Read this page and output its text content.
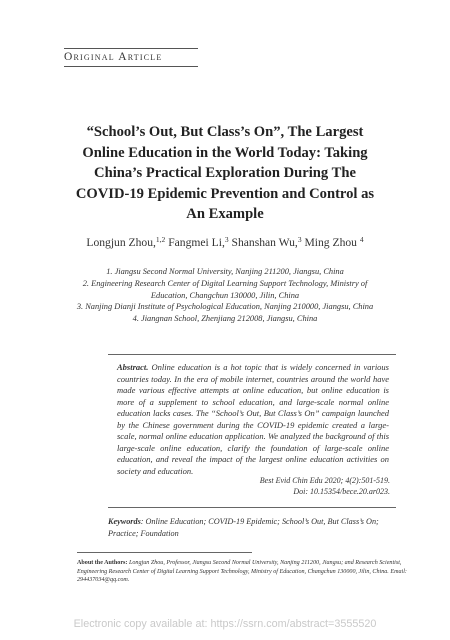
Original Article
“School’s Out, But Class’s On”, The Largest Online Education in the World Today: Taking China’s Practical Exploration During The COVID-19 Epidemic Prevention and Control as An Example
Longjun Zhou,$^{1,2}$ Fangmei Li,$^3$ Shanshan Wu,$^3$ Ming Zhou $^4$
1. Jiangsu Second Normal University, Nanjing 211200, Jiangsu, China
2. Engineering Research Center of Digital Learning Support Technology, Ministry of Education, Changchun 130000, Jilin, China
3. Nanjing Dianji Institute of Psychological Education, Nanjing 210000, Jiangsu, China
4. Jiangnan School, Zhenjiang 212008, Jiangsu, China
Abstract. Online education is a hot topic that is widely concerned in various countries today. In the era of mobile internet, countries around the world have made various effective attempts at online education, but online education is more of a supplement to school education, and large-scale normal online education lacks cases. The “School’s Out, But Class’s On” campaign launched by the Chinese government during the COVID-19 epidemic created a large-scale, normal online education application. We analyzed the background of this large-scale online education, clarify the foundation of large-scale online education, and reveal the impact of the largest online education activities on society and education.
Best Evid Chin Edu 2020; 4(2):501-519.
Doi: 10.15354/bece.20.ar023.
Keywords: Online Education; COVID-19 Epidemic; School’s Out, But Class’s On; Practice; Foundation
About the Authors: Longjun Zhou, Professor, Jiangsu Second Normal University, Nanjing 211200, Jiangsu; and Research Scientist, Engineering Research Center of Digital Learning Support Technology, Ministry of Education, Changchun 130000, Jilin, China. Email: 294437034@qq.com.
Electronic copy available at: https://ssrn.com/abstract=3555520
